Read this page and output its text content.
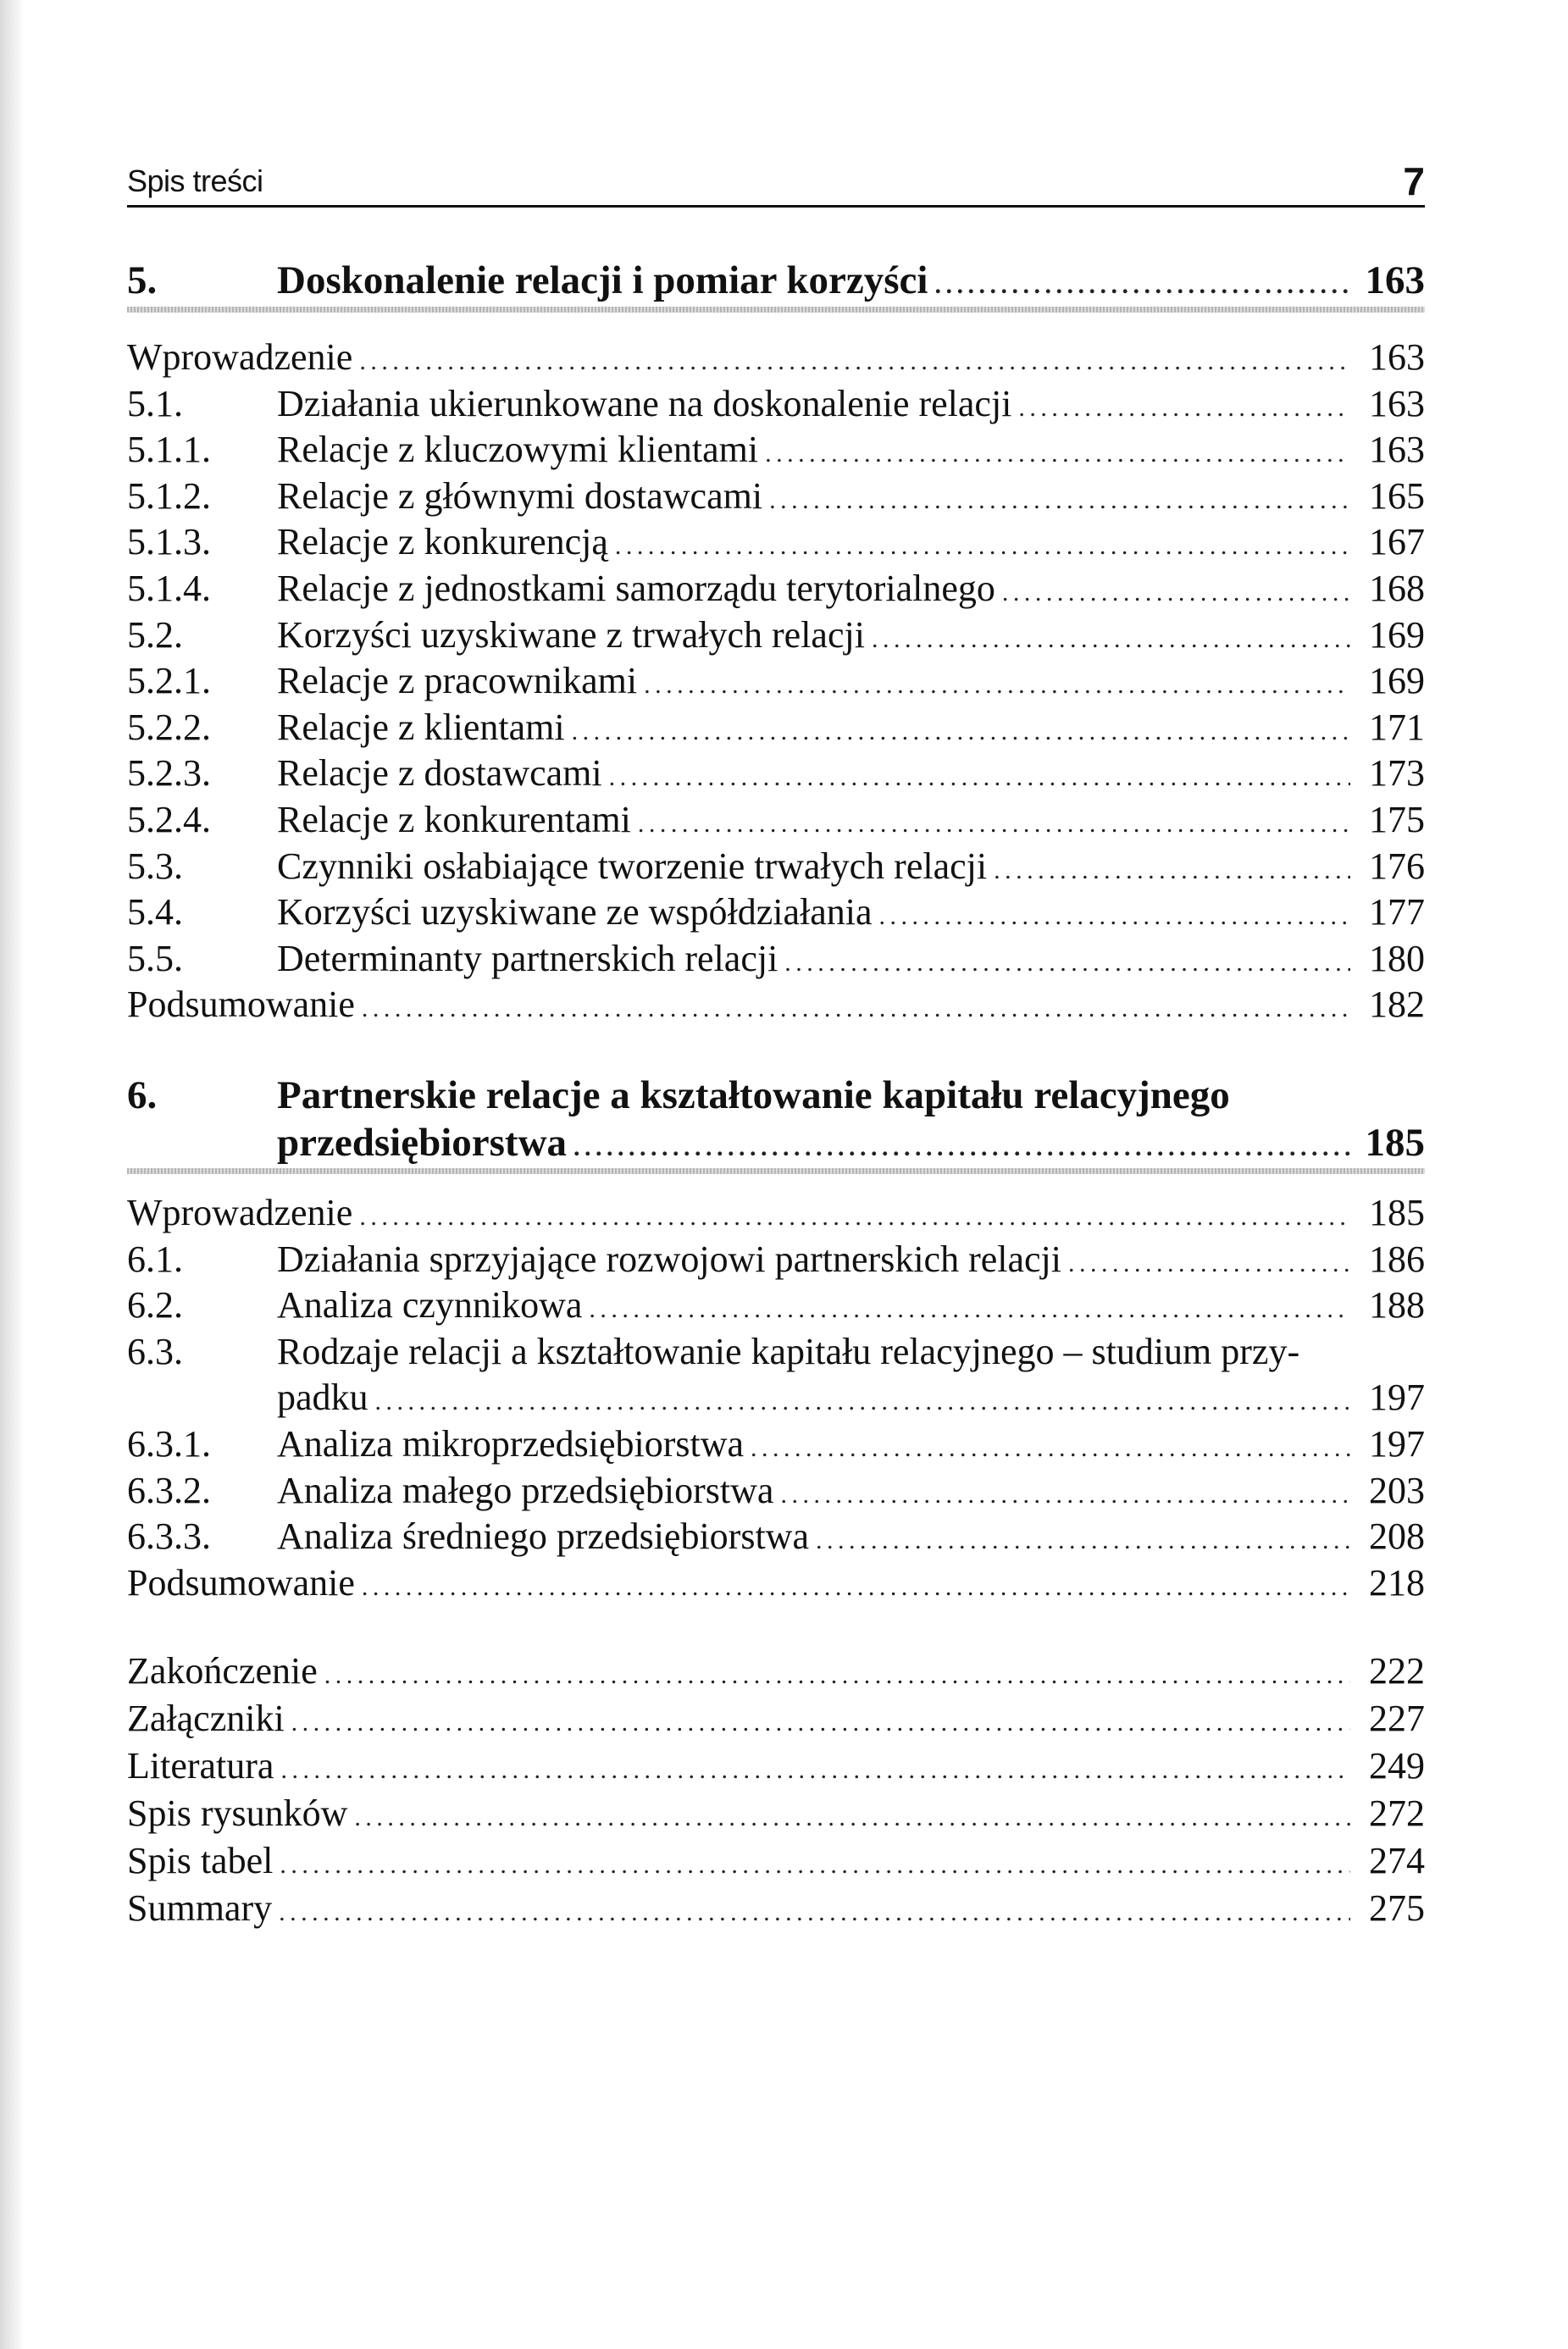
Spis treści	7
5.	Doskonalenie relacji i pomiar korzyści . . .	163
Wprowadzenie . . .	163
5.1.	Działania ukierunkowane na doskonalenie relacji . . .	163
5.1.1.	Relacje z kluczowymi klientami . . .	163
5.1.2.	Relacje z głównymi dostawcami . . .	165
5.1.3.	Relacje z konkurencją . . .	167
5.1.4.	Relacje z jednostkami samorządu terytorialnego . . .	168
5.2.	Korzyści uzyskiwane z trwałych relacji . . .	169
5.2.1.	Relacje z pracownikami . . .	169
5.2.2.	Relacje z klientami . . .	171
5.2.3.	Relacje z dostawcami . . .	173
5.2.4.	Relacje z konkurentami . . .	175
5.3.	Czynniki osłabiające tworzenie trwałych relacji . . .	176
5.4.	Korzyści uzyskiwane ze współdziałania . . .	177
5.5.	Determinanty partnerskich relacji . . .	180
Podsumowanie . . .	182
6.	Partnerskie relacje a kształtowanie kapitału relacyjnego
przedsiębiorstwa . . .	185
Wprowadzenie . . .	185
6.1.	Działania sprzyjające rozwojowi partnerskich relacji . . .	186
6.2.	Analiza czynnikowa . . .	188
6.3.	Rodzaje relacji a kształtowanie kapitału relacyjnego – studium przy-
padku . . .	197
6.3.1.	Analiza mikroprzedsiębiorstwa . . .	197
6.3.2.	Analiza małego przedsiębiorstwa . . .	203
6.3.3.	Analiza średniego przedsiębiorstwa . . .	208
Podsumowanie . . .	218
Zakończenie . . .	222
Załączniki . . .	227
Literatura . . .	249
Spis rysunków . . .	272
Spis tabel . . .	274
Summary . . .	275
